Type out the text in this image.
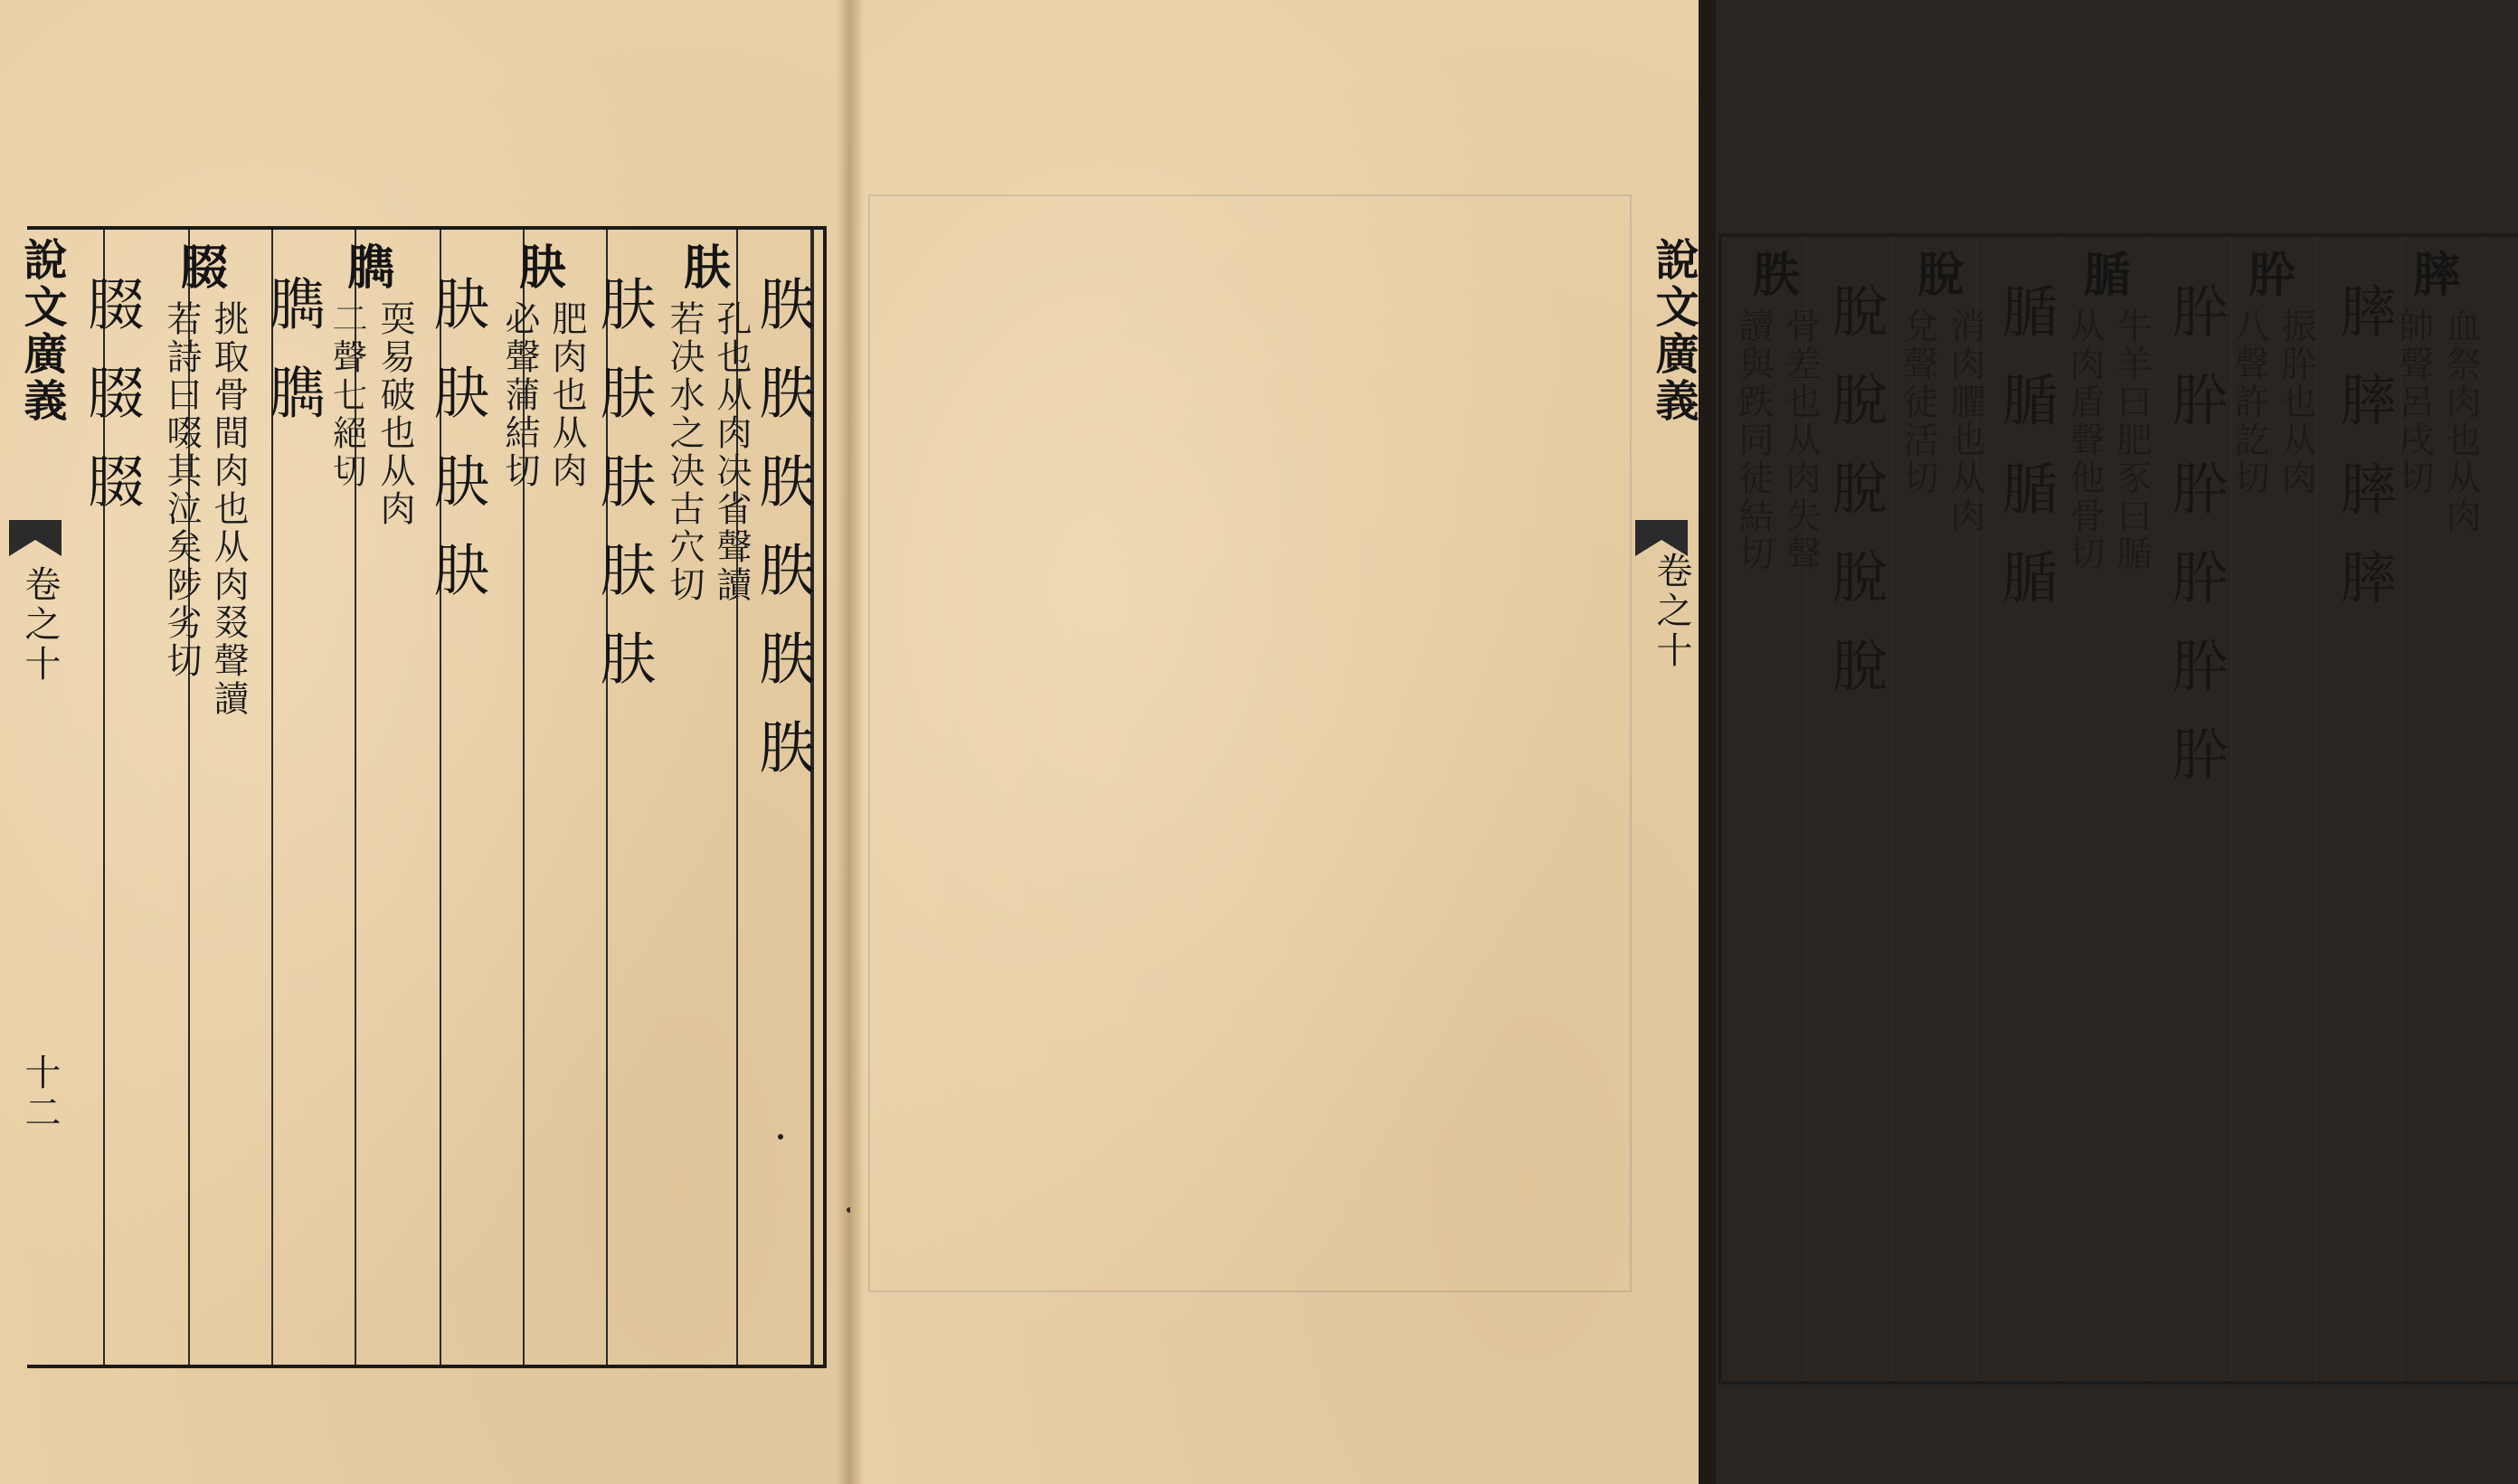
說文廣義
卷之十
十二
胅胅胅胅胅胅
肤
孔也从肉决省聲讀
若决水之决古穴切
肤肤肤肤肤
䏐
肥肉也从肉
必聲蒲結切
䏐䏐䏐䏐
臇
耎易破也从肉
𠄞聲七絕切
臇臇
腏
挑取骨間肉也从肉叕聲讀
若詩曰啜其泣矣陟劣切
腏腏腏	膟
血祭肉也从肉
帥聲呂戌切
膟膟膟膟
肸
振肸也从肉
八聲許訖切
肸肸肸肸肸肸
腯
牛羊曰肥豕曰腯
从肉盾聲他骨切
腯腯腯腯
脫
消肉臞也从肉
兌聲徒活切
脫脫脫脫脫
胅
骨差也从肉失聲
讀與跌同徒結切
說文廣義
卷之十
